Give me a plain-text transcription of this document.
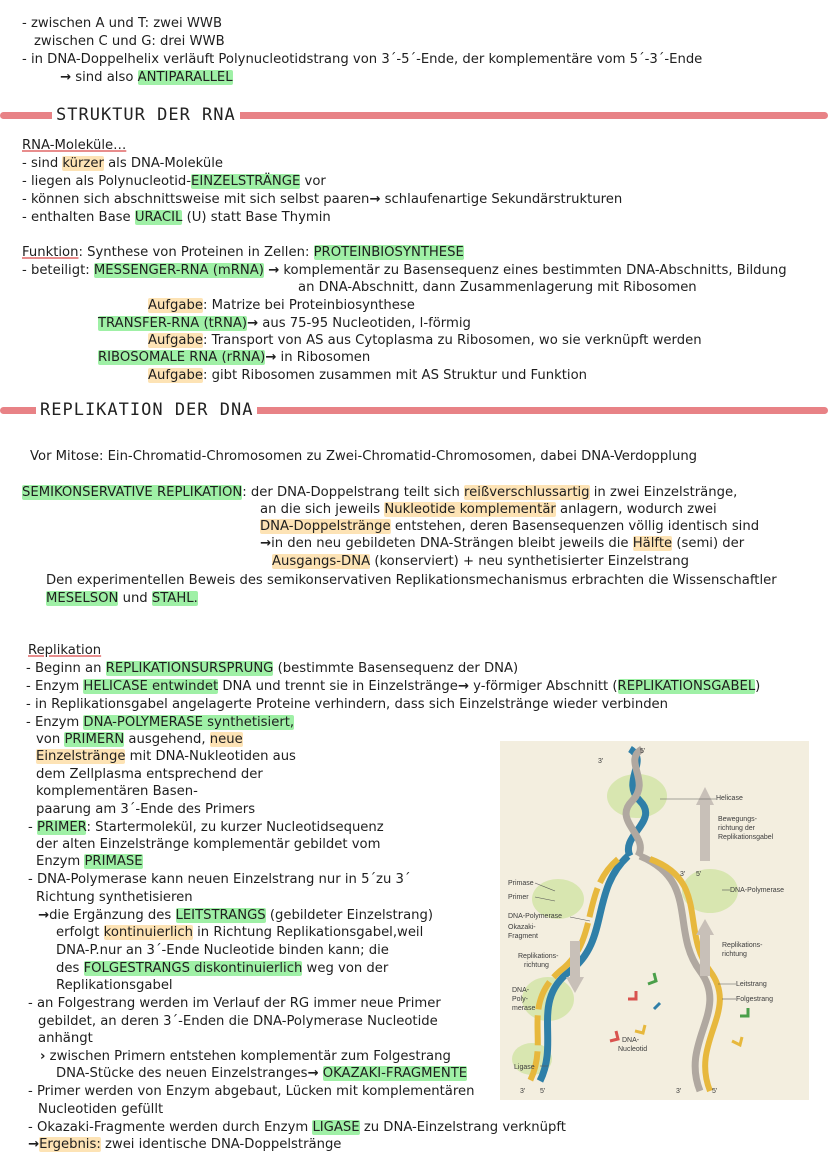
- zwischen A und T: zwei WWB
zwischen C und G: drei WWB
- in DNA-Doppelhelix verläuft Polynucleotidstrang von 3´-5´-Ende, der komplementäre vom 5´-3´-Ende
→ sind also ANTIPARALLEL
STRUKTUR DER RNA
RNA-Moleküle…
- sind kürzer als DNA-Moleküle
- liegen als Polynucleotid-EINZELSTRÄNGE vor
- können sich abschnittsweise mit sich selbst paaren→ schlaufenartige Sekundärstrukturen
- enthalten Base URACIL (U) statt Base Thymin
Funktion: Synthese von Proteinen in Zellen: PROTEINBIOSYNTHESE
- beteiligt: MESSENGER-RNA (mRNA) → komplementär zu Basensequenz eines bestimmten DNA-Abschnitts, Bildung
an DNA-Abschnitt, dann Zusammenlagerung mit Ribosomen
Aufgabe: Matrize bei Proteinbiosynthese
TRANSFER-RNA (tRNA)→ aus 75-95 Nucleotiden, l-förmig
Aufgabe: Transport von AS aus Cytoplasma zu Ribosomen, wo sie verknüpft werden
RIBOSOMALE RNA (rRNA)→ in Ribosomen
Aufgabe: gibt Ribosomen zusammen mit AS Struktur und Funktion
REPLIKATION DER DNA
Vor Mitose: Ein-Chromatid-Chromosomen zu Zwei-Chromatid-Chromosomen, dabei DNA-Verdopplung
SEMIKONSERVATIVE REPLIKATION: der DNA-Doppelstrang teilt sich reißverschlussartig in zwei Einzelstränge,
an die sich jeweils Nukleotide komplementär anlagern, wodurch zwei
DNA-Doppelstränge entstehen, deren Basensequenzen völlig identisch sind
→in den neu gebildeten DNA-Strängen bleibt jeweils die Hälfte (semi) der
Ausgangs-DNA (konserviert) + neu synthetisierter Einzelstrang
Den experimentellen Beweis des semikonservativen Replikationsmechanismus erbrachten die Wissenschaftler
MESELSON und STAHL.
Replikation
- Beginn an REPLIKATIONSURSPRUNG (bestimmte Basensequenz der DNA)
- Enzym HELICASE entwindet DNA und trennt sie in Einzelstränge→ y-förmiger Abschnitt (REPLIKATIONSGABEL)
- in Replikationsgabel angelagerte Proteine verhindern, dass sich Einzelstränge wieder verbinden
- Enzym DNA-POLYMERASE synthetisiert,
von PRIMERN ausgehend, neue
Einzelstränge mit DNA-Nukleotiden aus
dem Zellplasma entsprechend der
komplementären Basen-
paarung am 3´-Ende des Primers
- PRIMER: Startermolekül, zu kurzer Nucleotidsequenz
der alten Einzelstränge komplementär gebildet vom
Enzym PRIMASE
- DNA-Polymerase kann neuen Einzelstrang nur in 5´zu 3´
Richtung synthetisieren
→die Ergänzung des LEITSTRANGS (gebildeter Einzelstrang)
erfolgt kontinuierlich in Richtung Replikationsgabel,weil
DNA-P.nur an 3´-Ende Nucleotide binden kann; die
des FOLGESTRANGS diskontinuierlich weg von der
Replikationsgabel
- an Folgestrang werden im Verlauf der RG immer neue Primer
gebildet, an deren 3´-Enden die DNA-Polymerase Nucleotide
anhängt
› zwischen Primern entstehen komplementär zum Folgestrang
DNA-Stücke des neuen Einzelstranges→ OKAZAKI-FRAGMENTE
- Primer werden von Enzym abgebaut, Lücken mit komplementären
Nucleotiden gefüllt
- Okazaki-Fragmente werden durch Enzym LIGASE zu DNA-Einzelstrang verknüpft
→Ergebnis: zwei identische DNA-Doppelstränge
Helicase
Bewegungs-
richtung der
Replikationsgabel
DNA-Polymerase
Primase
Primer
DNA-Polymerase
Okazaki-
Fragment
Replikations-
richtung
Replikations-
richtung
Leitstrang
Folgestrang
DNA-
Poly-
merase
DNA-
Nucleotid
Ligase
5'
3'
3' 5'
3' 5'	3'	5'
